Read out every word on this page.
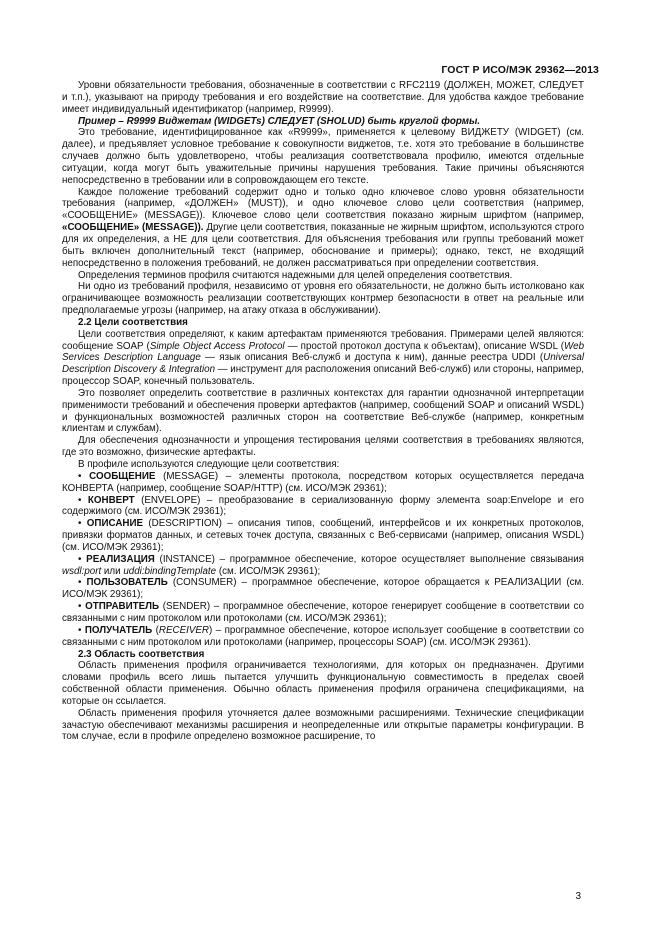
ГОСТ Р ИСО/МЭК 29362—2013

Уровни обязательности требования, обозначенные в соответствии с RFC2119 (ДОЛЖЕН, МОЖЕТ, СЛЕДУЕТ и т.п.), указывают на природу требования и его воздействие на соответствие. Для удобства каждое требование имеет индивидуальный идентификатор (например, R9999).

Пример – R9999 Виджетам (WIDGETs) СЛЕДУЕТ (SHOLUD) быть круглой формы.

Это требование, идентифицированное как «R9999», применяется к целевому ВИДЖЕТУ (WIDGET) (см. далее), и предъявляет условное требование к совокупности виджетов, т.е. хотя это требование в большинстве случаев должно быть удовлетворено, чтобы реализация соответствовала профилю, имеются отдельные ситуации, когда могут быть уважительные причины нарушения требования. Такие причины объясняются непосредственно в требовании или в сопровождающем его тексте.

Каждое положение требований содержит одно и только одно ключевое слово уровня обязательности требования (например, «ДОЛЖЕН» (MUST)), и одно ключевое слово цели соответствия (например, «СООБЩЕНИЕ» (MESSAGE)). Ключевое слово цели соответствия показано жирным шрифтом (например, «СООБЩЕНИЕ» (MESSAGE)). Другие цели соответствия, показанные не жирным шрифтом, используются строго для их определения, а НЕ для цели соответствия. Для объяснения требования или группы требований может быть включен дополнительный текст (например, обоснование и примеры); однако, текст, не входящий непосредственно в положения требований, не должен рассматриваться при определении соответствия.

Определения терминов профиля считаются надежными для целей определения соответствия.

Ни одно из требований профиля, независимо от уровня его обязательности, не должно быть истолковано как ограничивающее возможность реализации соответствующих контрмер безопасности в ответ на реальные или предполагаемые угрозы (например, на атаку отказа в обслуживании).

2.2 Цели соответствия

Цели соответствия определяют, к каким артефактам применяются требования. Примерами целей являются: сообщение SOAP (Simple Object Access Protocol — простой протокол доступа к объектам), описание WSDL (Web Services Description Language — язык описания Веб-служб и доступа к ним), данные реестра UDDI (Universal Description Discovery & Integration — инструмент для расположения описаний Веб-служб) или стороны, например, процессор SOAP, конечный пользователь.

Это позволяет определить соответствие в различных контекстах для гарантии однозначной интерпретации применимости требований и обеспечения проверки артефактов (например, сообщений SOAP и описаний WSDL) и функциональных возможностей различных сторон на соответствие Веб-службе (например, конкретным клиентам и службам).

Для обеспечения однозначности и упрощения тестирования целями соответствия в требованиях являются, где это возможно, физические артефакты.

В профиле используются следующие цели соответствия:

• СООБЩЕНИЕ (MESSAGE) – элементы протокола, посредством которых осуществляется передача КОНВЕРТА (например, сообщение SOAP/HTTP) (см. ИСО/МЭК 29361);

• КОНВЕРТ (ENVELOPE) – преобразование в сериализованную форму элемента soap:Envelope и его содержимого (см. ИСО/МЭК 29361);

• ОПИСАНИЕ (DESCRIPTION) – описания типов, сообщений, интерфейсов и их конкретных протоколов, привязки форматов данных, и сетевых точек доступа, связанных с Веб-сервисами (например, описания WSDL) (см. ИСО/МЭК 29361);

• РЕАЛИЗАЦИЯ (INSTANCE) – программное обеспечение, которое осуществляет выполнение связывания wsdl:port или uddi:bindingTemplate (см. ИСО/МЭК 29361);

• ПОЛЬЗОВАТЕЛЬ (CONSUMER) – программное обеспечение, которое обращается к РЕАЛИЗАЦИИ (см. ИСО/МЭК 29361);

• ОТПРАВИТЕЛЬ (SENDER) – программное обеспечение, которое генерирует сообщение в соответствии со связанными с ним протоколом или протоколами (см. ИСО/МЭК 29361);

• ПОЛУЧАТЕЛЬ (RECEIVER) – программное обеспечение, которое использует сообщение в соответствии со связанными с ним протоколом или протоколами (например, процессоры SOAP) (см. ИСО/МЭК 29361).

2.3 Область соответствия

Область применения профиля ограничивается технологиями, для которых он предназначен. Другими словами профиль всего лишь пытается улучшить функциональную совместимость в пределах своей собственной области применения. Обычно область применения профиля ограничена спецификациями, на которые он ссылается.

Область применения профиля уточняется далее возможными расширениями. Технические спецификации зачастую обеспечивают механизмы расширения и неопределенные или открытые параметры конфигурации. В том случае, если в профиле определено возможное расширение, то

3
